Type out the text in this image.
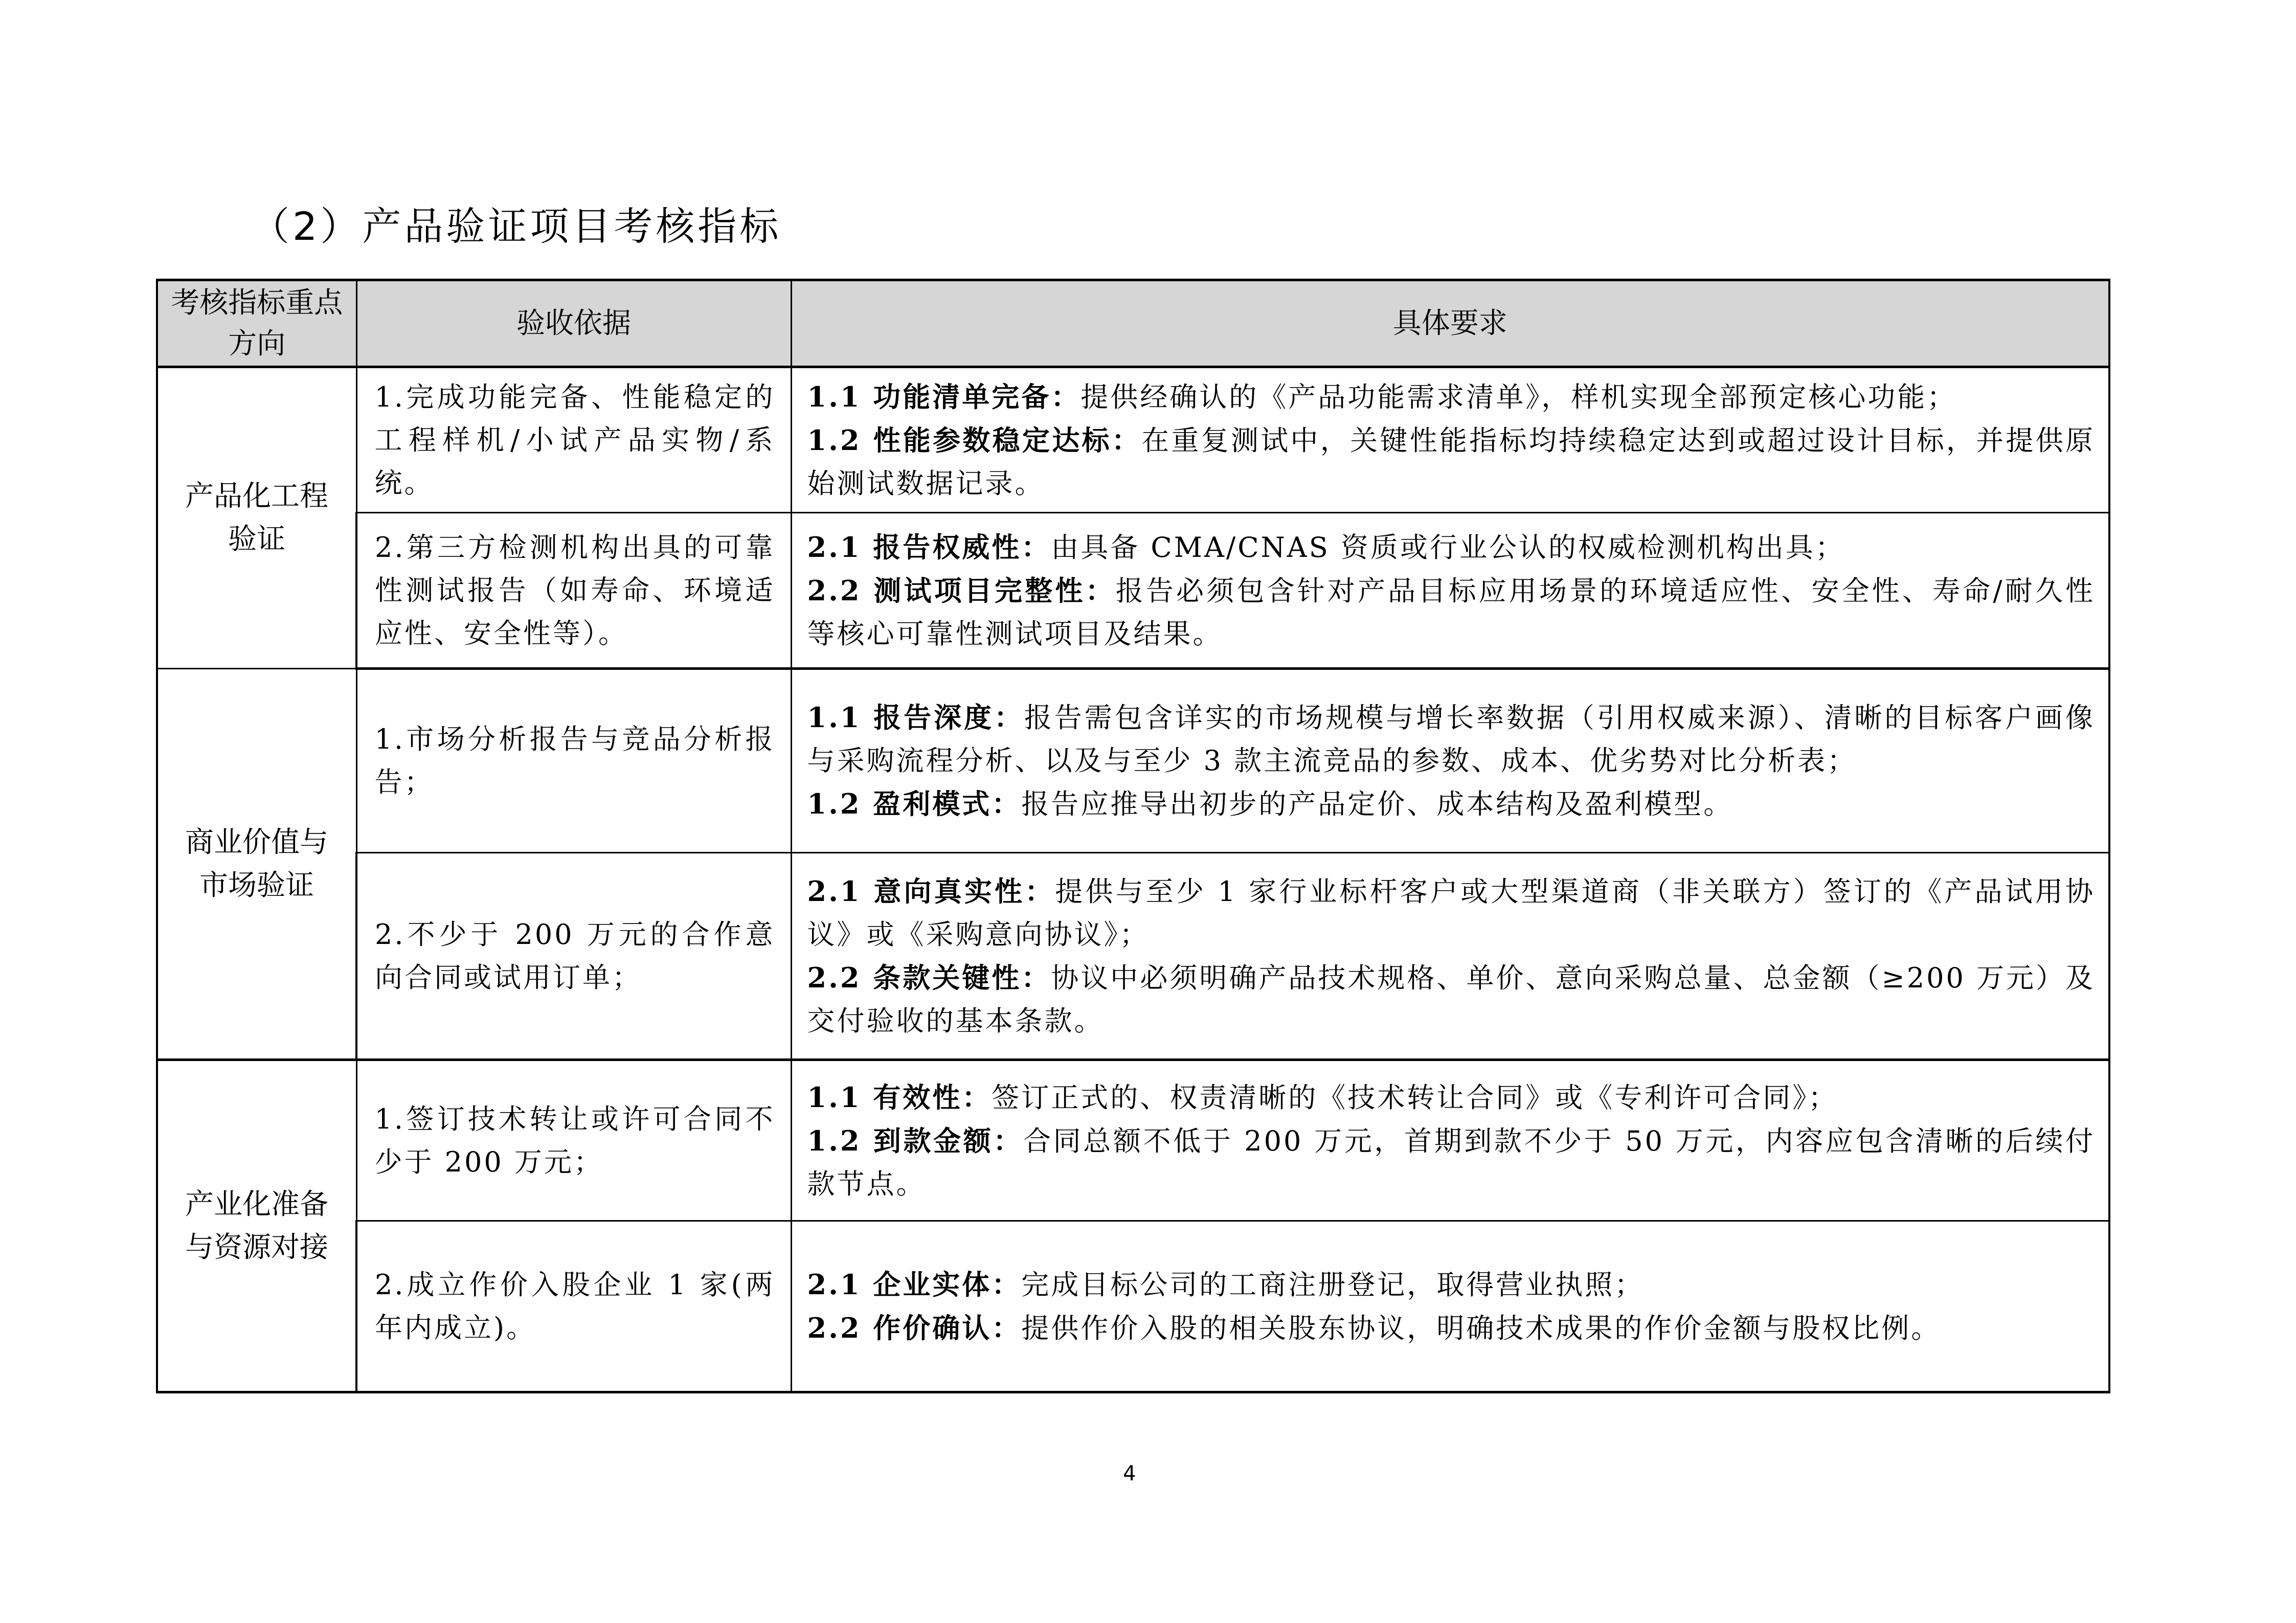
（2）产品验证项目考核指标
考核指标重点方向	验收依据	具体要求
产品化工程验证	1.完成功能完备、性能稳定的工程样机/小试产品实物/系统。	1.1 功能清单完备：提供经确认的《产品功能需求清单》，样机实现全部预定核心功能；
1.2 性能参数稳定达标：在重复测试中，关键性能指标均持续稳定达到或超过设计目标，并提供原始测试数据记录。

	2.第三方检测机构出具的可靠性测试报告（如寿命、环境适应性、安全性等）。	2.1 报告权威性：由具备 CMA/CNAS 资质或行业公认的权威检测机构出具；
2.2 测试项目完整性：报告必须包含针对产品目标应用场景的环境适应性、安全性、寿命/耐久性等核心可靠性测试项目及结果。

商业价值与市场验证	1.市场分析报告与竞品分析报告；	1.1 报告深度：报告需包含详实的市场规模与增长率数据（引用权威来源）、清晰的目标客户画像与采购流程分析、以及与至少 3 款主流竞品的参数、成本、优劣势对比分析表；
1.2 盈利模式：报告应推导出初步的产品定价、成本结构及盈利模型。

	2.不少于 200 万元的合作意向合同或试用订单；	2.1 意向真实性：提供与至少 1 家行业标杆客户或大型渠道商（非关联方）签订的《产品试用协议》或《采购意向协议》；
2.2 条款关键性：协议中必须明确产品技术规格、单价、意向采购总量、总金额（≥200 万元）及交付验收的基本条款。

产业化准备与资源对接	1.签订技术转让或许可合同不少于 200 万元；	1.1 有效性：签订正式的、权责清晰的《技术转让合同》或《专利许可合同》；
1.2 到款金额：合同总额不低于 200 万元，首期到款不少于 50 万元，内容应包含清晰的后续付款节点。

	2.成立作价入股企业 1 家(两年内成立)。	2.1 企业实体：完成目标公司的工商注册登记，取得营业执照；
2.2 作价确认：提供作价入股的相关股东协议，明确技术成果的作价金额与股权比例。
4
